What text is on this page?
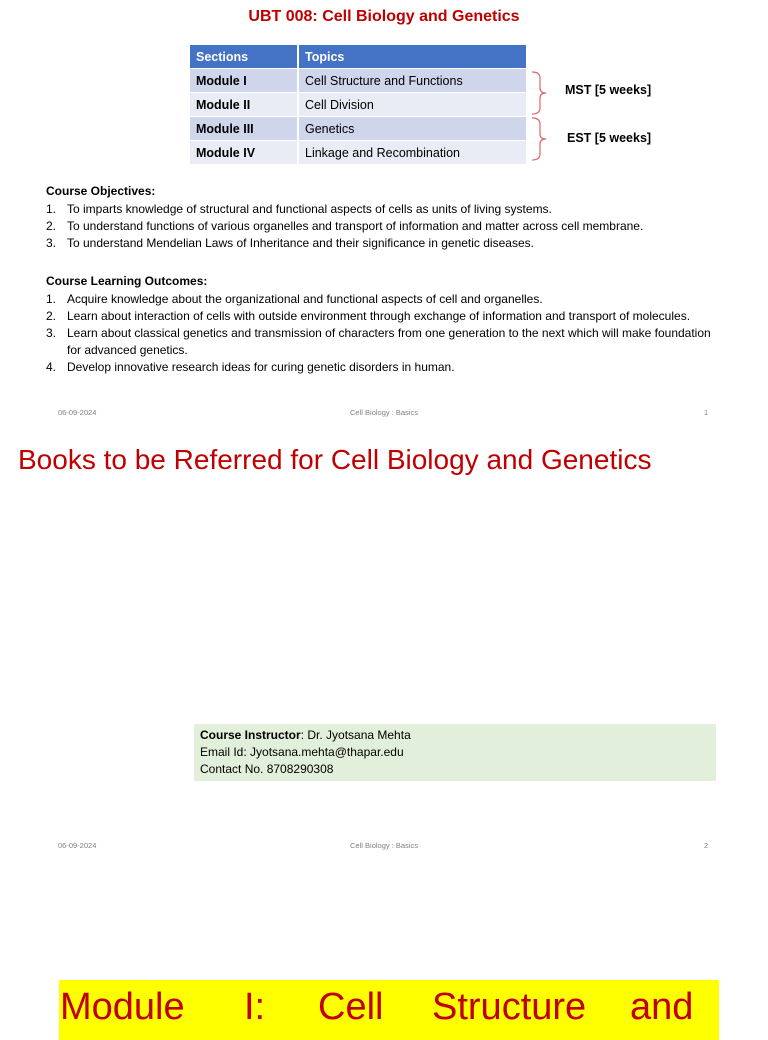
UBT 008: Cell Biology and Genetics
Sections	Topics
Module I	Cell Structure and Functions
Module II	Cell Division
Module III	Genetics
Module IV	Linkage and Recombination
MST [5 weeks]
EST [5 weeks]
Course Objectives:
1. To imparts knowledge of structural and functional aspects of cells as units of living systems.
2. To understand functions of various organelles and transport of information and matter across cell membrane.
3. To understand Mendelian Laws of Inheritance and their significance in genetic diseases.
Course Learning Outcomes:
1. Acquire knowledge about the organizational and functional aspects of cell and organelles.
2. Learn about interaction of cells with outside environment through exchange of information and transport of molecules.
3. Learn about classical genetics and transmission of characters from one generation to the next which will make foundation for advanced genetics.
4. Develop innovative research ideas for curing genetic disorders in human.
06-09-2024	Cell Biology : Basics	1
Books to be Referred for Cell Biology and Genetics
Course Instructor: Dr. Jyotsana Mehta
Email Id: Jyotsana.mehta@thapar.edu
Contact No. 8708290308
06-09-2024	Cell Biology : Basics	2
Module I: Cell Structure and
